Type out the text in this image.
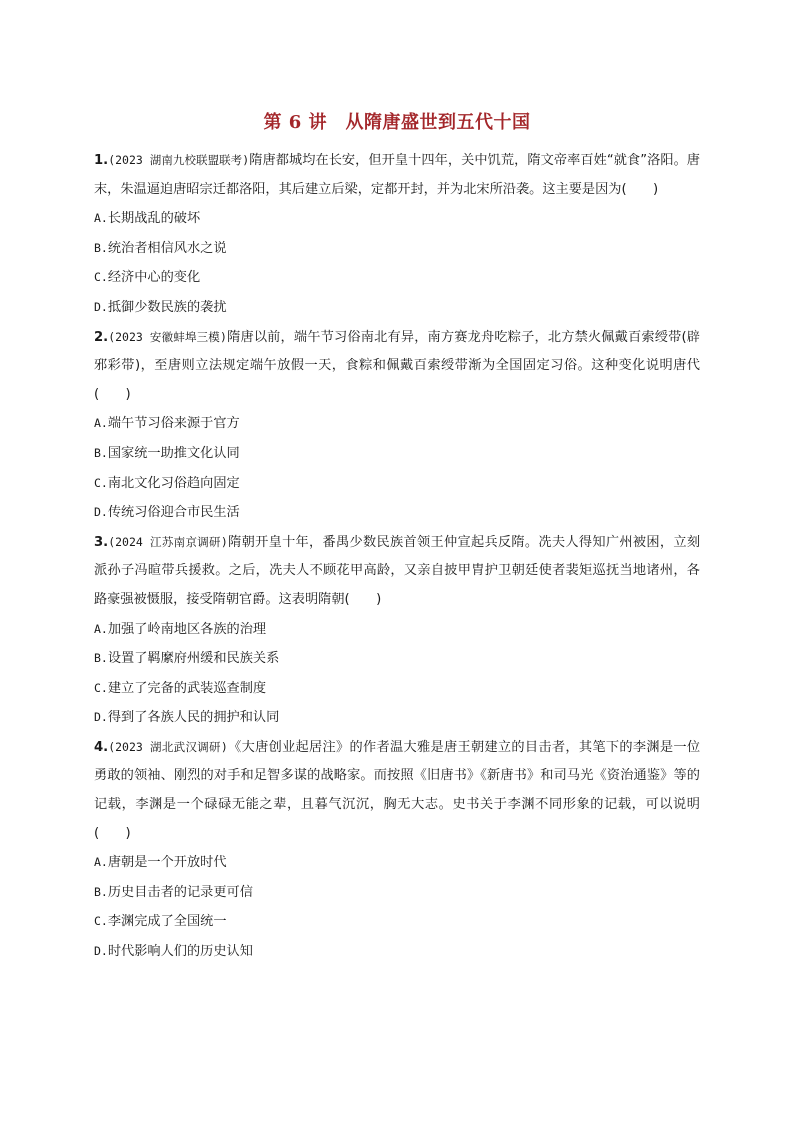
第 6 讲　从隋唐盛世到五代十国
1.(2023 湖南九校联盟联考)隋唐都城均在长安，但开皇十四年，关中饥荒，隋文帝率百姓“就食”洛阳。唐末，朱温逼迫唐昭宗迁都洛阳，其后建立后梁，定都开封，并为北宋所沿袭。这主要是因为(　　)
A.长期战乱的破坏
B.统治者相信风水之说
C.经济中心的变化
D.抵御少数民族的袭扰
2.(2023 安徽蚌埠三模)隋唐以前，端午节习俗南北有异，南方赛龙舟吃粽子，北方禁火佩戴百索绶带(辟邪彩带)，至唐则立法规定端午放假一天，食粽和佩戴百索绶带渐为全国固定习俗。这种变化说明唐代(　　)
A.端午节习俗来源于官方
B.国家统一助推文化认同
C.南北文化习俗趋向固定
D.传统习俗迎合市民生活
3.(2024 江苏南京调研)隋朝开皇十年，番禺少数民族首领王仲宣起兵反隋。冼夫人得知广州被困，立刻派孙子冯暄带兵援救。之后，冼夫人不顾花甲高龄，又亲自披甲胄护卫朝廷使者裴矩巡抚当地诸州，各路豪强被慑服，接受隋朝官爵。这表明隋朝(　　)
A.加强了岭南地区各族的治理
B.设置了羁縻府州缓和民族关系
C.建立了完备的武装巡查制度
D.得到了各族人民的拥护和认同
4.(2023 湖北武汉调研)《大唐创业起居注》的作者温大雅是唐王朝建立的目击者，其笔下的李渊是一位勇敢的领袖、刚烈的对手和足智多谋的战略家。而按照《旧唐书》《新唐书》和司马光《资治通鉴》等的记载，李渊是一个碌碌无能之辈，且暮气沉沉，胸无大志。史书关于李渊不同形象的记载，可以说明(　　)
A.唐朝是一个开放时代
B.历史目击者的记录更可信
C.李渊完成了全国统一
D.时代影响人们的历史认知
